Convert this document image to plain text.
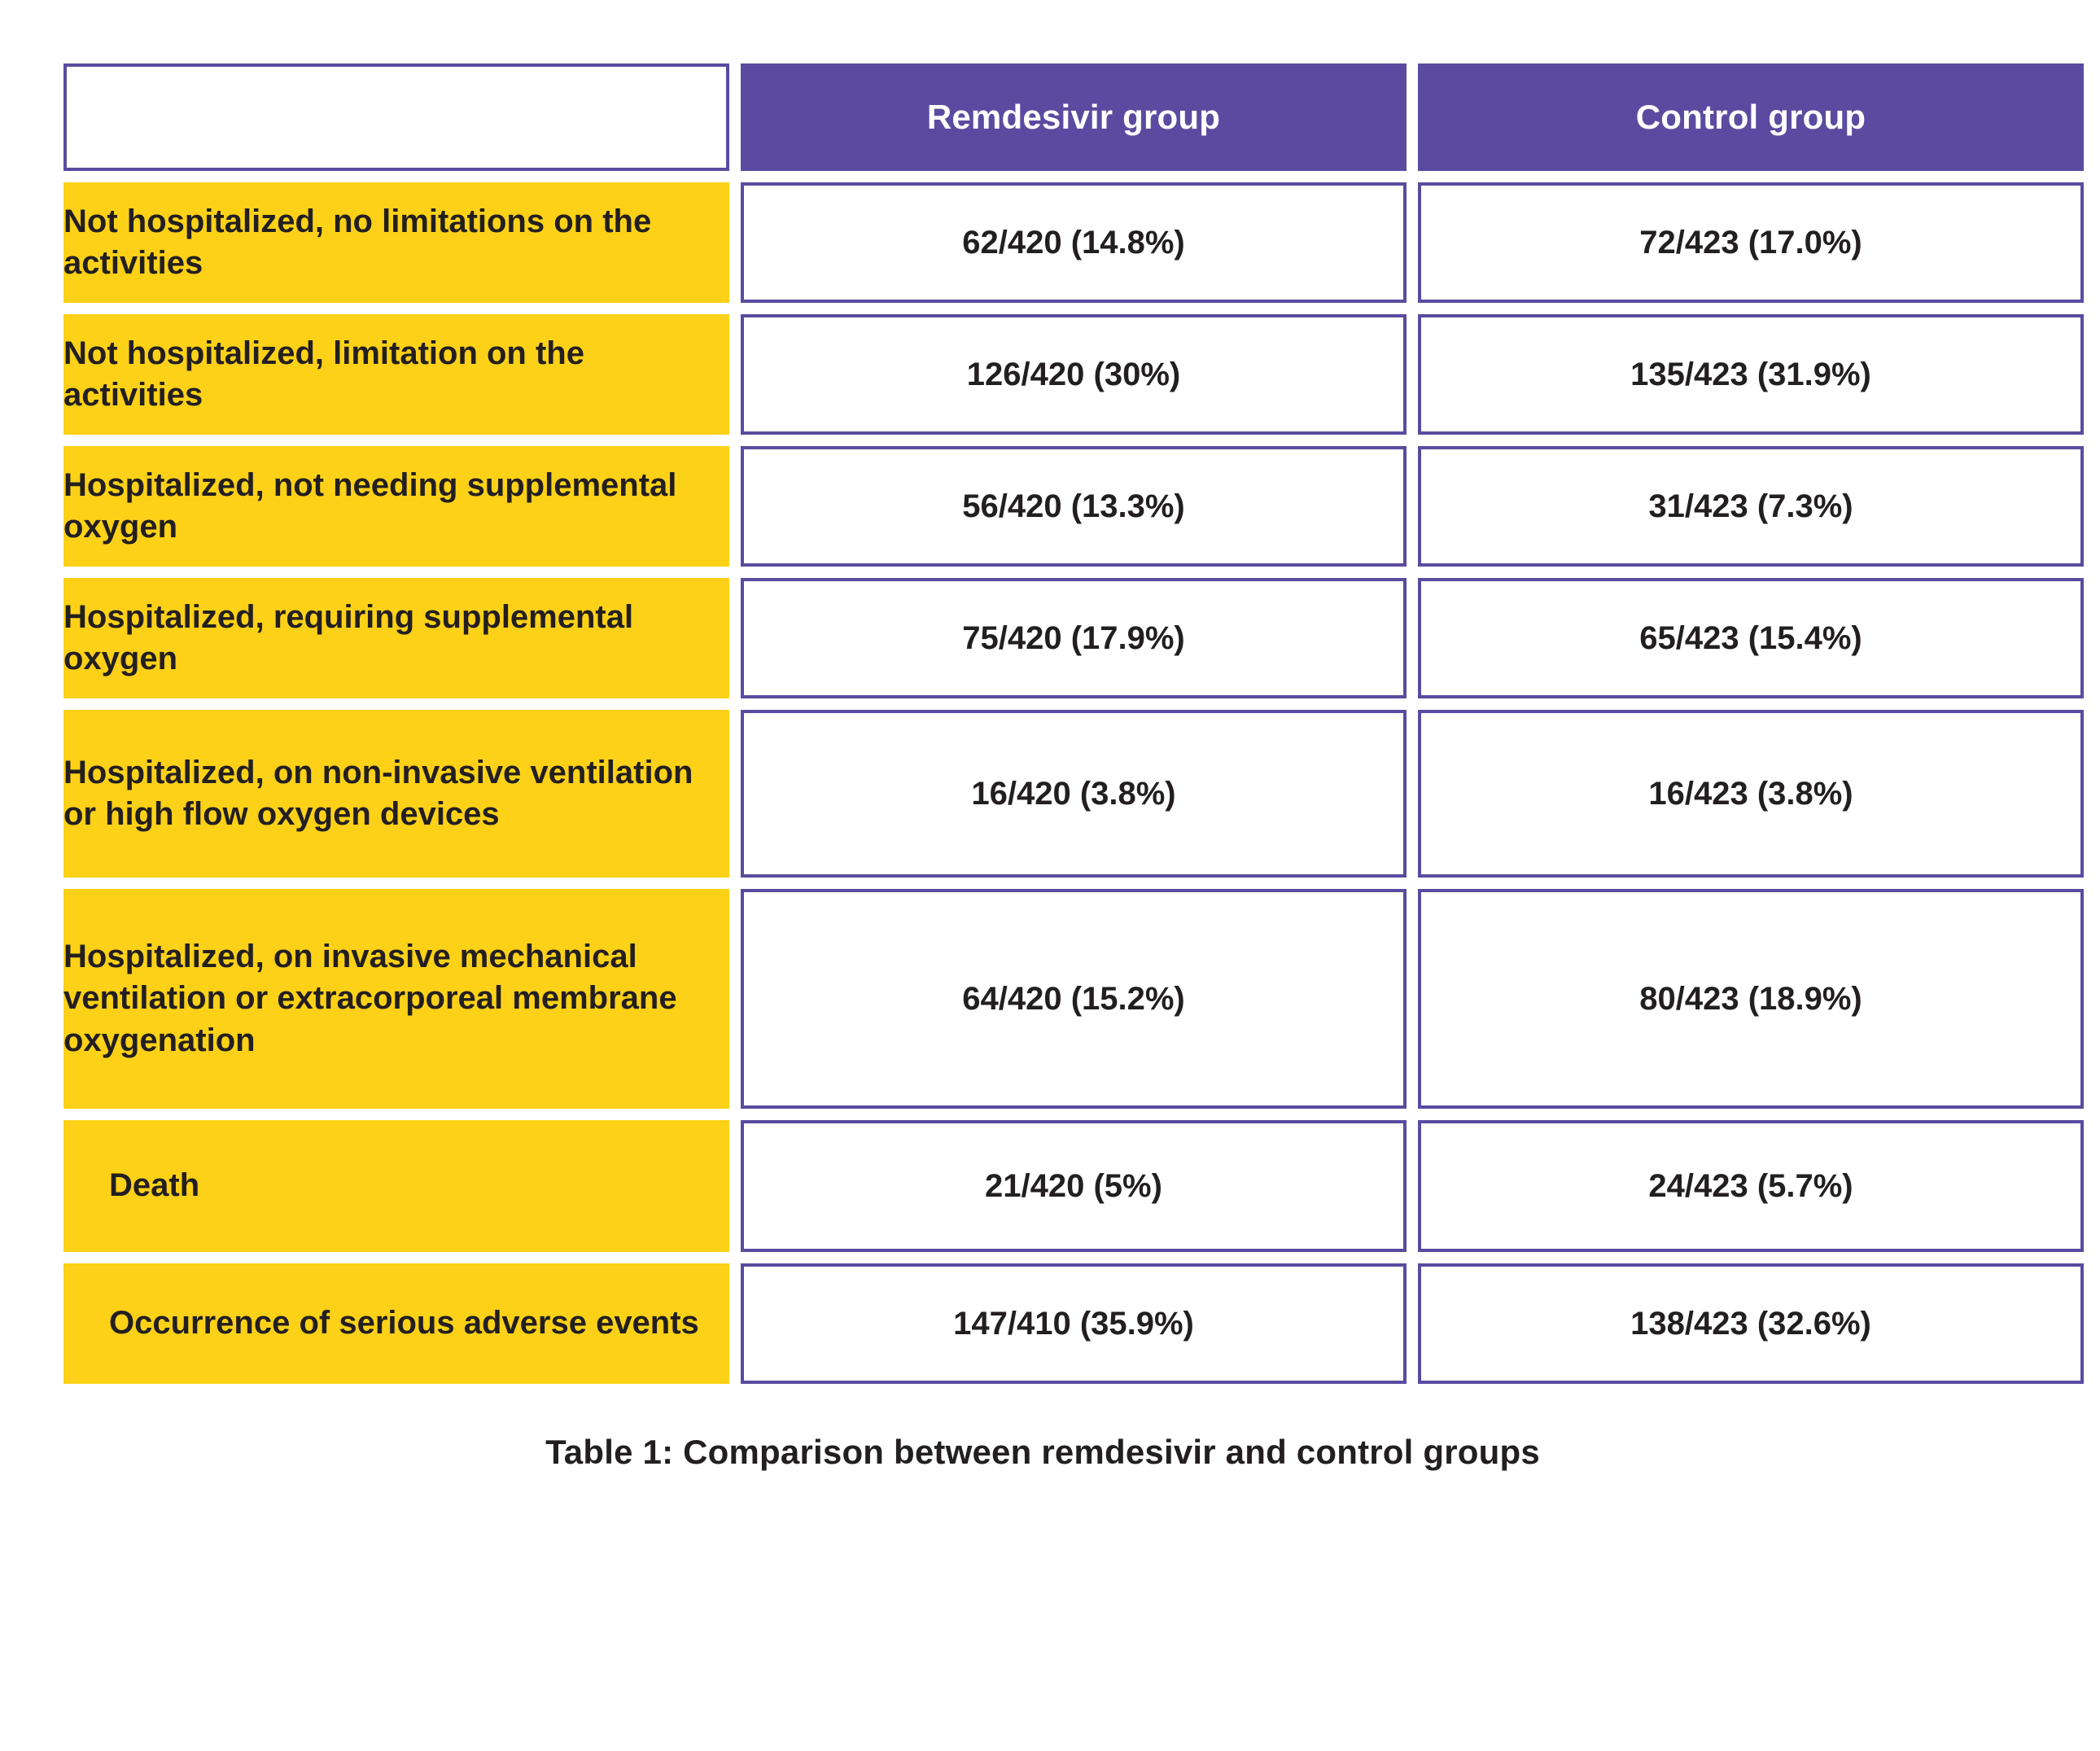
	Remdesivir group	Control group
Not hospitalized, no limitations on the activities	62/420 (14.8%)	72/423 (17.0%)
Not hospitalized, limitation on the activities	126/420 (30%)	135/423 (31.9%)
Hospitalized, not needing supplemental oxygen	56/420 (13.3%)	31/423 (7.3%)
Hospitalized, requiring supplemental oxygen	75/420 (17.9%)	65/423 (15.4%)
Hospitalized, on non-invasive ventilation or high flow oxygen devices	16/420 (3.8%)	16/423 (3.8%)
Hospitalized, on invasive mechanical ventilation or extracorporeal membrane oxygenation	64/420 (15.2%)	80/423 (18.9%)
Death	21/420 (5%)	24/423 (5.7%)
Occurrence of serious adverse events	147/410 (35.9%)	138/423 (32.6%)
Table 1: Comparison between remdesivir and control groups
